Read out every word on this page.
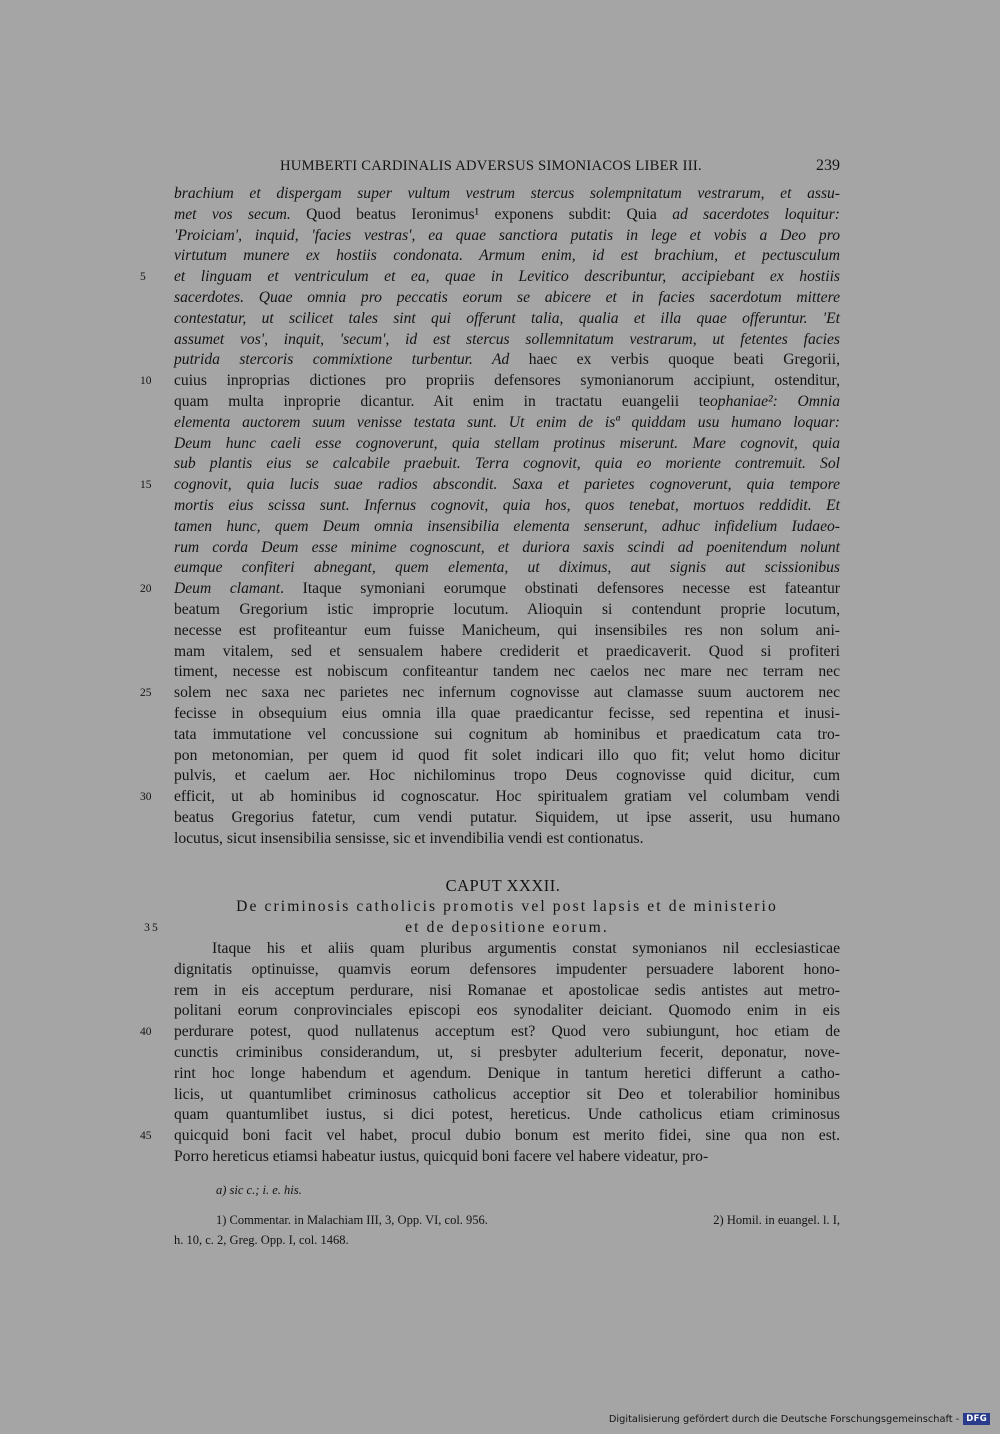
HUMBERTI CARDINALIS ADVERSUS SIMONIACOS LIBER III.	239
brachium et dispergam super vultum vestrum stercus solempnitatum vestrarum, et assu-
met vos secum. Quod beatus Ieronimus¹ exponens subdit: Quia ad sacerdotes loquitur:
'Proiciam', inquid, 'facies vestras', ea quae sanctiora putatis in lege et vobis a Deo pro
virtutum munere ex hostiis condonata. Armum enim, id est brachium, et pectusculum
5	et linguam et ventriculum et ea, quae in Levitico describuntur, accipiebant ex hostiis
sacerdotes. Quae omnia pro peccatis eorum se abicere et in facies sacerdotum mittere
contestatur, ut scilicet tales sint qui offerunt talia, qualia et illa quae offeruntur. 'Et
assumet vos', inquit, 'secum', id est stercus sollemnitatum vestrarum, ut fetentes facies
putrida stercoris commixtione turbentur. Ad haec ex verbis quoque beati Gregorii,
10	cuius inproprias dictiones pro propriis defensores symonianorum accipiunt, ostenditur,
quam multa inproprie dicantur. Ait enim in tractatu euangelii teophaniae²: Omnia
elementa auctorem suum venisse testata sunt. Ut enim de isª quiddam usu humano loquar:
Deum hunc caeli esse cognoverunt, quia stellam protinus miserunt. Mare cognovit, quia
sub plantis eius se calcabile praebuit. Terra cognovit, quia eo moriente contremuit. Sol
15	cognovit, quia lucis suae radios abscondit. Saxa et parietes cognoverunt, quia tempore
mortis eius scissa sunt. Infernus cognovit, quia hos, quos tenebat, mortuos reddidit. Et
tamen hunc, quem Deum omnia insensibilia elementa senserunt, adhuc infidelium Iudaeo-
rum corda Deum esse minime cognoscunt, et duriora saxis scindi ad poenitendum nolunt
eumque confiteri abnegant, quem elementa, ut diximus, aut signis aut scissionibus
20	Deum clamant. Itaque symoniani eorumque obstinati defensores necesse est fateantur
beatum Gregorium istic improprie locutum. Alioquin si contendunt proprie locutum,
necesse est profiteantur eum fuisse Manicheum, qui insensibiles res non solum ani-
mam vitalem, sed et sensualem habere crediderit et praedicaverit. Quod si profiteri
timent, necesse est nobiscum confiteantur tandem nec caelos nec mare nec terram nec
25	solem nec saxa nec parietes nec infernum cognovisse aut clamasse suum auctorem nec
fecisse in obsequium eius omnia illa quae praedicantur fecisse, sed repentina et inusi-
tata immutatione vel concussione sui cognitum ab hominibus et praedicatum cata tro-
pon metonomian, per quem id quod fit solet indicari illo quo fit; velut homo dicitur
pulvis, et caelum aer. Hoc nichilominus tropo Deus cognovisse quid dicitur, cum
30	efficit, ut ab hominibus id cognoscatur. Hoc spiritualem gratiam vel columbam vendi
beatus Gregorius fatetur, cum vendi putatur. Siquidem, ut ipse asserit, usu humano
locutus, sicut insensibilia sensisse, sic et invendibilia vendi est contionatus.
CAPUT XXXII.
De criminosis catholicis promotis vel post lapsis et de ministerio
35	et de depositione eorum.
Itaque his et aliis quam pluribus argumentis constat symonianos nil ecclesiasticae
dignitatis optinuisse, quamvis eorum defensores impudenter persuadere laborent hono-
rem in eis acceptum perdurare, nisi Romanae et apostolicae sedis antistes aut metro-
politani eorum conprovinciales episcopi eos synodaliter deiciant. Quomodo enim in eis
40	perdurare potest, quod nullatenus acceptum est? Quod vero subiungunt, hoc etiam de
cunctis criminibus considerandum, ut, si presbyter adulterium fecerit, deponatur, nove-
rint hoc longe habendum et agendum. Denique in tantum heretici differunt a catho-
licis, ut quantumlibet criminosus catholicus acceptior sit Deo et tolerabilior hominibus
quam quantumlibet iustus, si dici potest, hereticus. Unde catholicus etiam criminosus
45	quicquid boni facit vel habet, procul dubio bonum est merito fidei, sine qua non est.
Porro hereticus etiamsi habeatur iustus, quicquid boni facere vel habere videatur, pro-
a) sic c.; i. e. his.
1) Commentar. in Malachiam III, 3, Opp. VI, col. 956.	2) Homil. in euangel. l. I,
h. 10, c. 2, Greg. Opp. I, col. 1468.
Digitalisierung gefördert durch die Deutsche Forschungsgemeinschaft - DFG
